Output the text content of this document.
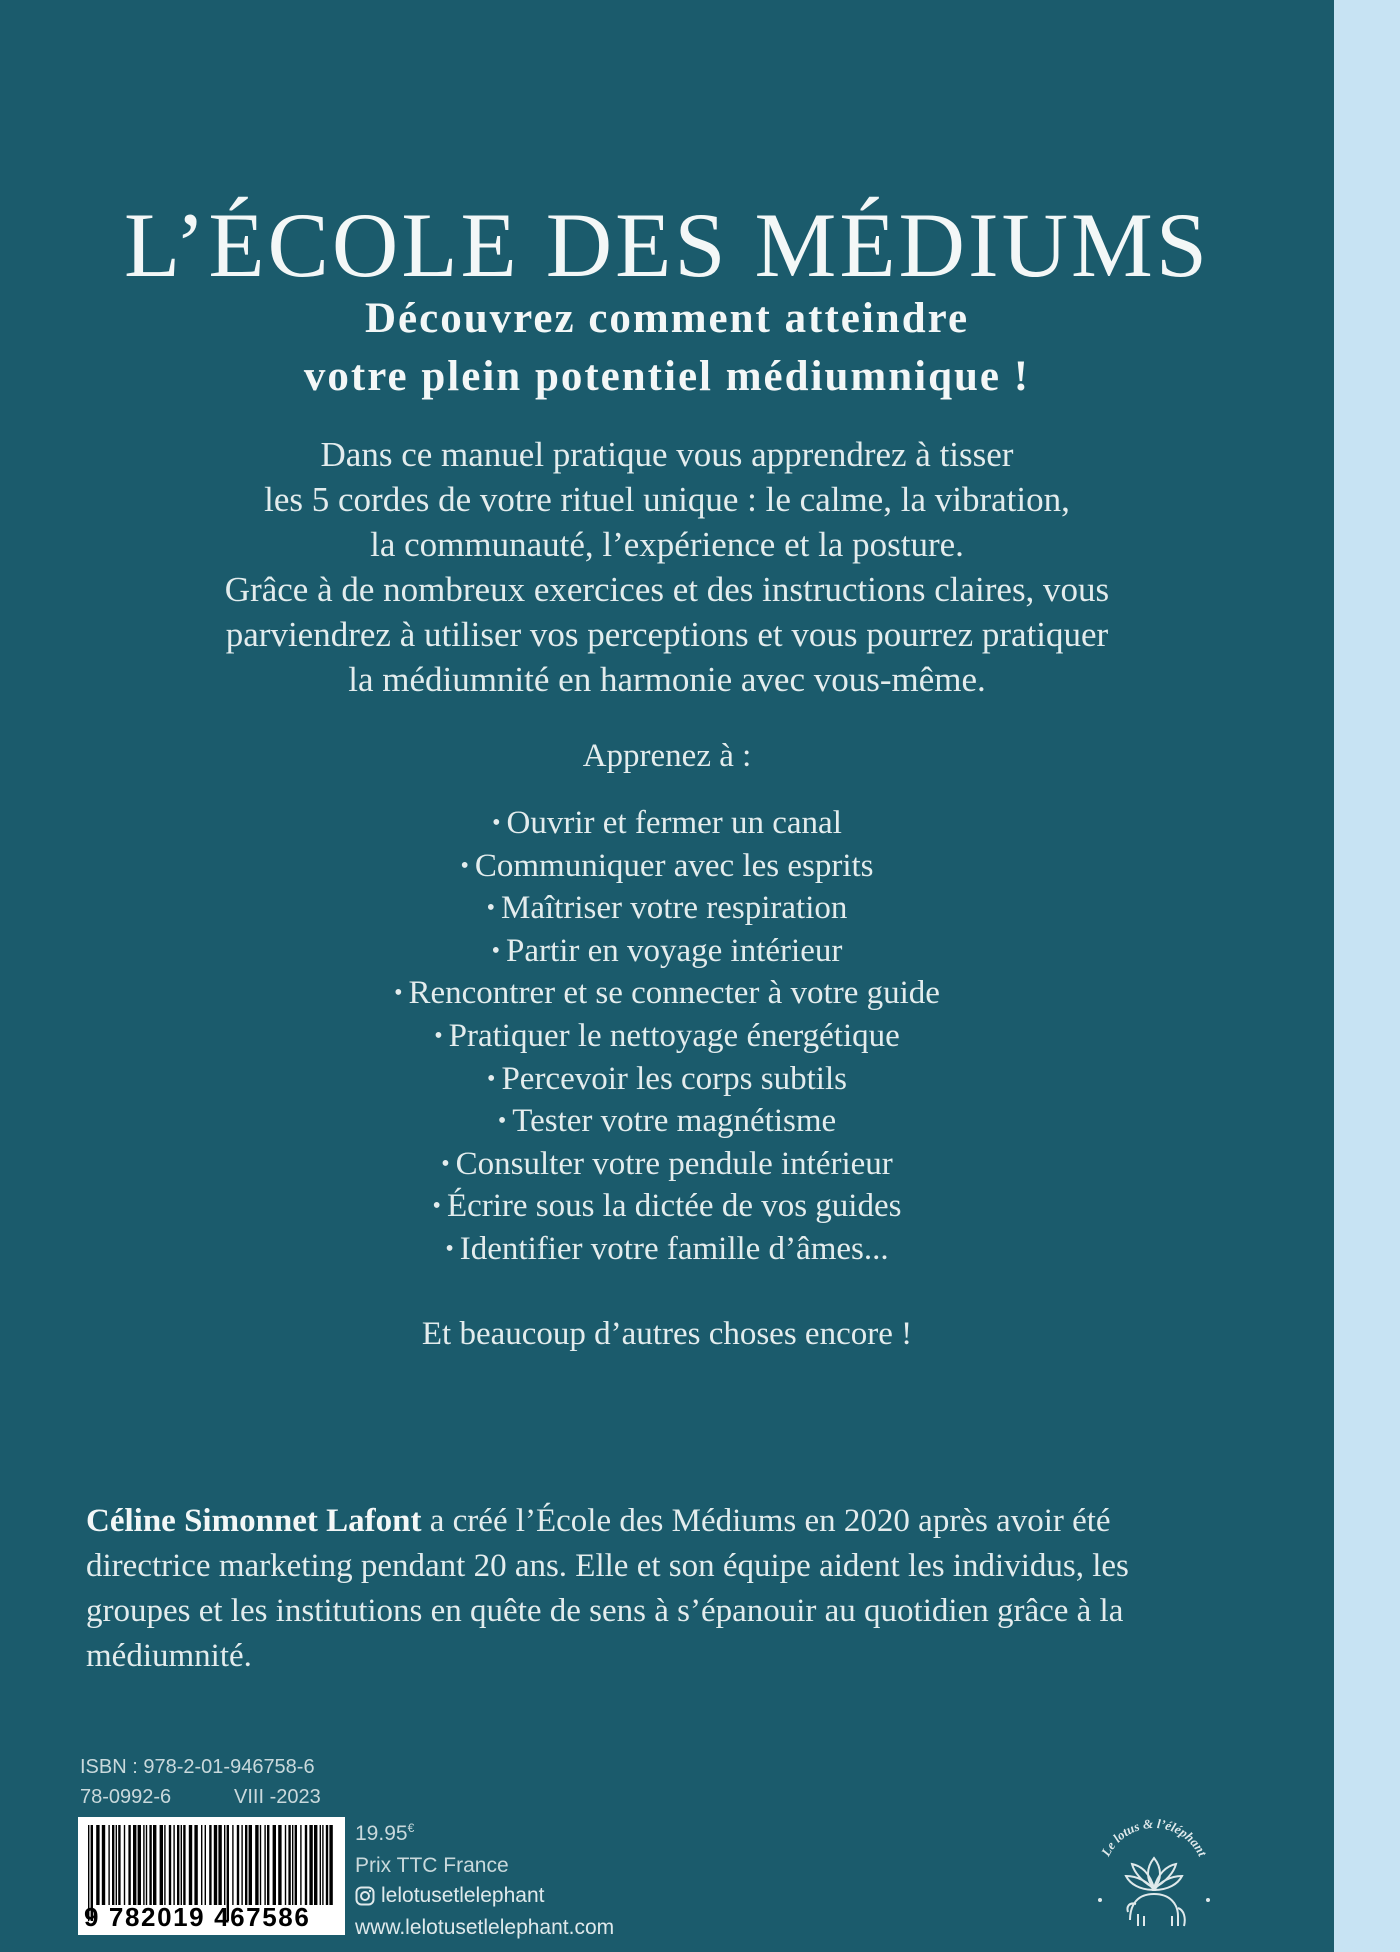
L’ÉCOLE DES MÉDIUMS
Découvrez comment atteindre
votre plein potentiel médiumnique !
Dans ce manuel pratique vous apprendrez à tisser
les 5 cordes de votre rituel unique : le calme, la vibration,
la communauté, l’expérience et la posture.
Grâce à de nombreux exercices et des instructions claires, vous
parviendrez à utiliser vos perceptions et vous pourrez pratiquer
la médiumnité en harmonie avec vous-même.
Apprenez à :
• Ouvrir et fermer un canal
• Communiquer avec les esprits
• Maîtriser votre respiration
• Partir en voyage intérieur
• Rencontrer et se connecter à votre guide
• Pratiquer le nettoyage énergétique
• Percevoir les corps subtils
• Tester votre magnétisme
• Consulter votre pendule intérieur
• Écrire sous la dictée de vos guides
• Identifier votre famille d’âmes...
Et beaucoup d’autres choses encore !

Céline Simonnet Lafont a créé l’École des Médiums en 2020 après avoir été directrice marketing pendant 20 ans. Elle et son équipe aident les individus, les groupes et les institutions en quête de sens à s’épanouir au quotidien grâce à la médiumnité.

ISBN : 978-2-01-946758-6
78-0992-6	VIII -2023
9 782019 467586
19.95€
Prix TTC France
lelotusetlelephant
www.lelotusetlelephant.com
Le lotus & l’éléphant
